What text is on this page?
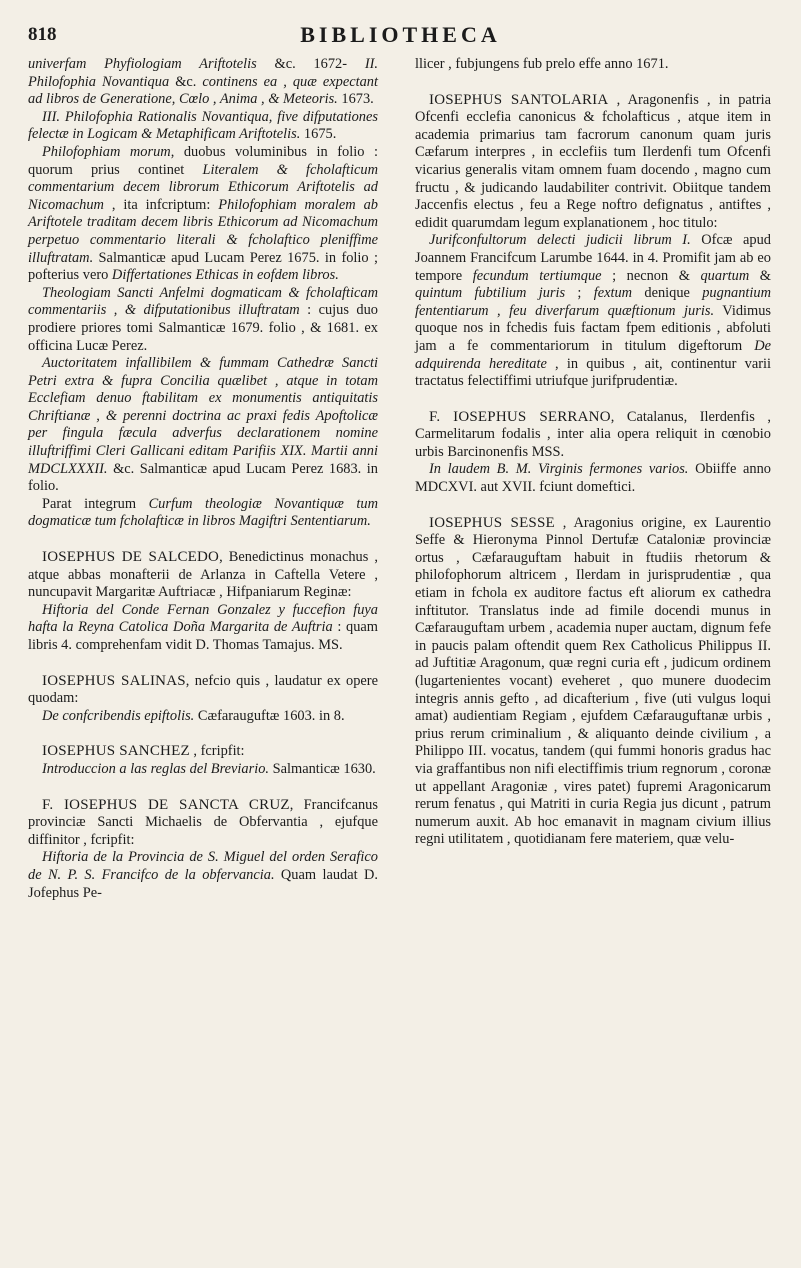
818	BIBLIOTHECA

univerfam Phyfiologiam Ariftotelis &c. 1672- II. Philofophia Novantiqua &c. continens ea , quæ expectant ad libros de Generatione, Cœlo , Anima , & Meteoris. 1673.

III. Philofophia Rationalis Novantiqua, five difputationes felectæ in Logicam & Metaphificam Ariftotelis. 1675.

Philofophiam morum, duobus voluminibus in folio : quorum prius continet Literalem & fcholafticum commentarium decem librorum Ethicorum Ariftotelis ad Nicomachum , ita infcriptum: Philofophiam moralem ab Ariftotele traditam decem libris Ethicorum ad Nicomachum perpetuo commentario literali & fcholaftico pleniffime illuftratam. Salmanticæ apud Lucam Perez 1675. in folio ; pofterius vero Differtationes Ethicas in eofdem libros.

Theologiam Sancti Anfelmi dogmaticam & fcholafticam commentariis , & difputationibus illuftratam : cujus duo prodiere priores tomi Salmanticæ 1679. folio , & 1681. ex officina Lucæ Perez.

Auctoritatem infallibilem & fummam Cathedræ Sancti Petri extra & fupra Concilia quælibet , atque in totam Ecclefiam denuo ftabilitam ex monumentis antiquitatis Chriftianæ , & perenni doctrina ac praxi fedis Apoftolicæ per fingula fæcula adverfus declarationem nomine illuftriffimi Cleri Gallicani editam Parifiis XIX. Martii anni MDCLXXXII. &c. Salmanticæ apud Lucam Perez 1683. in folio.

Parat integrum Curfum theologiæ Novantiquæ tum dogmaticæ tum fcholafticæ in libros Magiftri Sententiarum.

IOSEPHUS DE SALCEDO, Benedictinus monachus , atque abbas monafterii de Arlanza in Caftella Vetere , nuncupavit Margaritæ Auftriacæ , Hifpaniarum Reginæ:

Hiftoria del Conde Fernan Gonzalez y fuccefion fuya hafta la Reyna Catolica Doña Margarita de Auftria : quam libris 4. comprehenfam vidit D. Thomas Tamajus. MS.

IOSEPHUS SALINAS, nefcio quis , laudatur ex opere quodam:

De confcribendis epiftolis. Cæfarauguftæ 1603. in 8.

IOSEPHUS SANCHEZ , fcripfit:

Introduccion a las reglas del Breviario. Salmanticæ 1630.

F. IOSEPHUS DE SANCTA CRUZ, Francifcanus provinciæ Sancti Michaelis de Obfervantia , ejufque diffinitor , fcripfit:

Hiftoria de la Provincia de S. Miguel del orden Serafico de N. P. S. Francifco de la obfervancia. Quam laudat D. Jofephus Pe-

llicer , fubjungens fub prelo effe anno 1671.

IOSEPHUS SANTOLARIA , Aragonenfis , in patria Ofcenfi ecclefia canonicus & fcholafticus , atque item in academia primarius tam facrorum canonum quam juris Cæfarum interpres , in ecclefiis tum Ilerdenfi tum Ofcenfi vicarius generalis vitam omnem fuam docendo , magno cum fructu , & judicando laudabiliter contrivit. Obiitque tandem Jaccenfis electus , feu a Rege noftro defignatus , antiftes , edidit quarumdam legum explanationem , hoc titulo:

Jurifconfultorum delecti judicii librum I. Ofcæ apud Joannem Francifcum Larumbe 1644. in 4. Promifit jam ab eo tempore fecundum tertiumque ; necnon & quartum & quintum fubtilium juris ; fextum denique pugnantium fententiarum , feu diverfarum quæftionum juris. Vidimus quoque nos in fchedis fuis factam fpem editionis , abfoluti jam a fe commentariorum in titulum digeftorum De adquirenda hereditate , in quibus , ait, continentur varii tractatus felectiffimi utriufque jurifprudentiæ.

F. IOSEPHUS SERRANO, Catalanus, Ilerdenfis , Carmelitarum fodalis , inter alia opera reliquit in cœnobio urbis Barcinonenfis MSS.

In laudem B. M. Virginis fermones varios. Obiiffe anno MDCXVI. aut XVII. fciunt domeftici.

IOSEPHUS SESSE , Aragonius origine, ex Laurentio Seffe & Hieronyma Pinnol Dertufæ Cataloniæ provinciæ ortus , Cæfarauguftam habuit in ftudiis rhetorum & philofophorum altricem , Ilerdam in jurisprudentiæ , qua etiam in fchola ex auditore factus eft aliorum ex cathedra inftitutor. Translatus inde ad fimile docendi munus in Cæfarauguftam urbem , academia nuper auctam, dignum fefe in paucis palam oftendit quem Rex Catholicus Philippus II. ad Juftitiæ Aragonum, quæ regni curia eft , judicum ordinem (lugartenientes vocant) eveheret , quo munere duodecim integris annis gefto , ad dicafterium , five (uti vulgus loqui amat) audientiam Regiam , ejufdem Cæfarauguftanæ urbis , prius rerum criminalium , & aliquanto deinde civilium , a Philippo III. vocatus, tandem (qui fummi honoris gradus hac via graffantibus non nifi electiffimis trium regnorum , coronæ ut appellant Aragoniæ , vires patet) fupremi Aragonicarum rerum fenatus , qui Matriti in curia Regia jus dicunt , patrum numerum auxit. Ab hoc emanavit in magnam civium illius regni utilitatem , quotidianam fere materiem, quæ velu-
